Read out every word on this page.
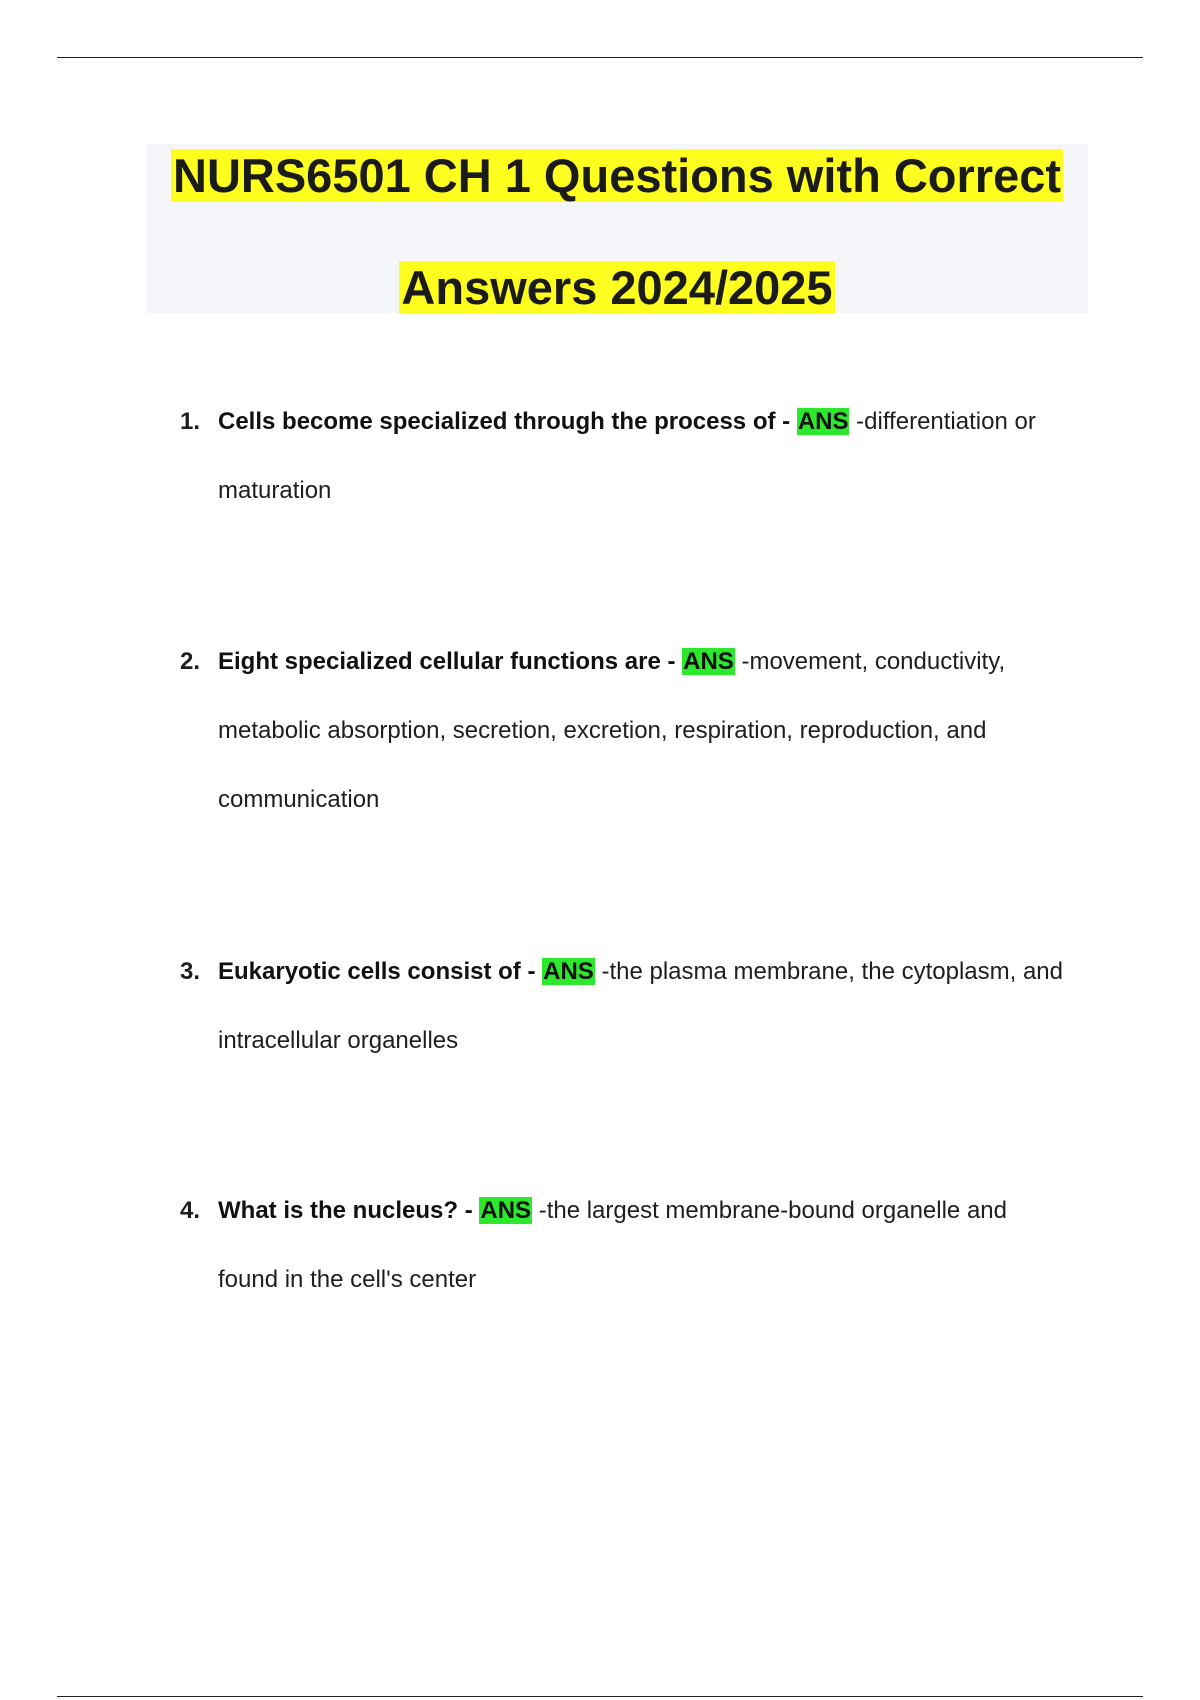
NURS6501 CH 1 Questions with Correct
Answers 2024/2025
1. Cells become specialized through the process of - ANS -differentiation or maturation
2. Eight specialized cellular functions are - ANS -movement, conductivity, metabolic absorption, secretion, excretion, respiration, reproduction, and communication
3. Eukaryotic cells consist of - ANS -the plasma membrane, the cytoplasm, and intracellular organelles
4. What is the nucleus? - ANS -the largest membrane-bound organelle and found in the cell's center
